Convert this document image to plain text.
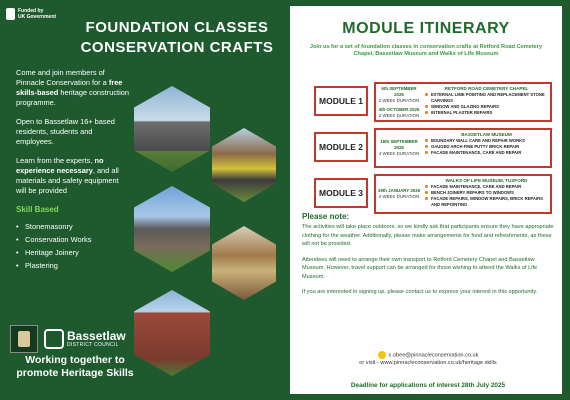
Funded by
UK Government
FOUNDATION CLASSES
CONSERVATION CRAFTS

Come and join members of Pinnacle Conservation for a free skills-based heritage construction programme.

Open to Bassetlaw 16+ based residents, students and employees.

Learn from the experts, no experience necessary, and all materials and safety equipment will be provided

Skill Based
• Stonemasonry
• Conservation Works
• Heritage Joinery
• Plastering
Bassetlaw
DISTRICT COUNCIL
Working together to promote Heritage Skills
MODULE ITINERARY
Join us for a set of foundation classes in conservation crafts at Retford Road Cemetery Chapel, Bassetlaw Museum and Walks of Life Museum
MODULE 1
6th SEPTEMBER 2025
2 WEEK DURATION
4th OCTOBER 2025
2 WEEK DURATION
RETFORD ROAD CEMETERY CHAPEL
EXTERNAL LIME POINTING AND REPLACEMENT STONE CARVINGS
WINDOW AND GLAZING REPAIRS
INTERNAL PLASTER REPAIRS
MODULE 2
16th SEPTEMBER 2025
4 WEEK DURATION
BASSETLAW MUSEUM
BOUNDARY WALL CARE AND REPAIR WORKS
GAUGED ARCH FINE PUTTY BRICK REPAIR
FACADE MAINTENANCE, CARE AND REPAIR
MODULE 3	19th JANUARY 2026
4 WEEK DURATION
WALKS OF LIFE MUSEUM, TUXFORD
FACADE MAINTENANCE, CARE AND REPAIR
BENCH JOINERY REPAIRS TO WINDOWS
FACADE REPAIRS, WINDOW REPAIRS, BRICK REPAIRS AND REPOINTING
Please note:

The activities will take place outdoors, so we kindly ask that participants ensure they have appropriate clothing for the weather. Additionally, please make arrangements for food and refreshments, as these will not be provided.

Attendees will need to arrange their own transport to Retford Cemetery Chapel and Bassetlaw Museum. However, travel support can be arranged for those wishing to attend the Walks of Life Museum.

If you are interested in signing up, please contact us to express your interest in this opportunity.

s.obee@pinnacleconservation.co.uk
or visit - www.pinnacleconservation.co.uk/heritage skills
Deadline for applications of interest 28th July 2025
